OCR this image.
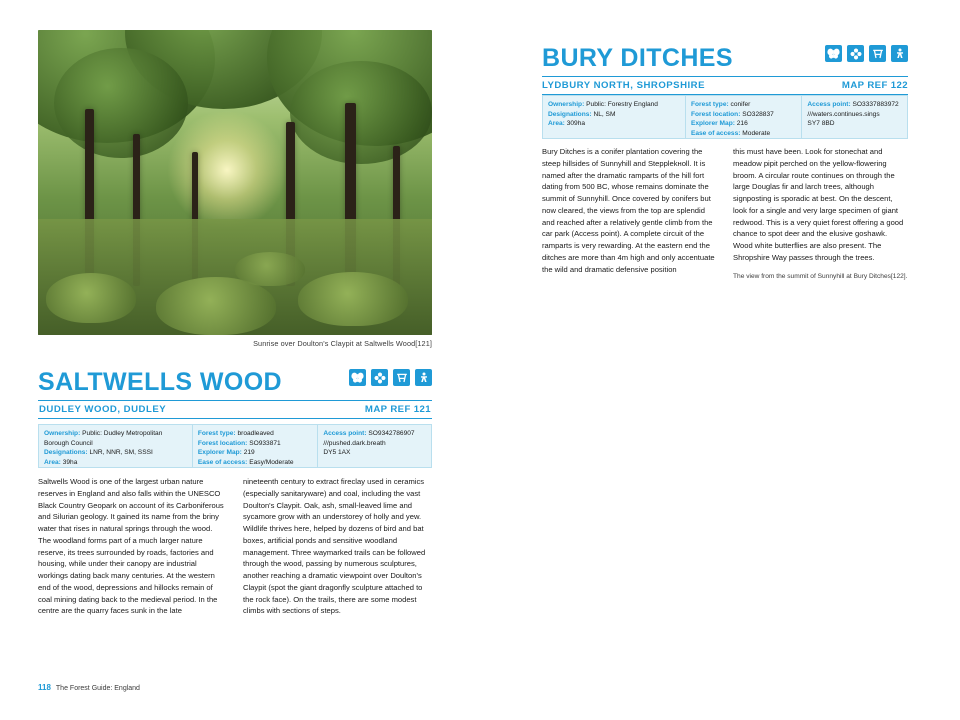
Sunrise over Doulton's Claypit at Saltwells Wood[121]
SALTWELLS WOOD
DUDLEY WOOD, DUDLEY	MAP REF 121
Ownership: Public: Dudley Metropolitan Borough Council
Designations: LNR, NNR, SM, SSSI
Area: 39ha
Forest type: broadleaved
Forest location: SO933871
Explorer Map: 219
Ease of access: Easy/Moderate
Access point: SO9342786907
///pushed.dark.breath
DY5 1AX
Saltwells Wood is one of the largest urban nature reserves in England and also falls within the UNESCO Black Country Geopark on account of its Carboniferous and Silurian geology. It gained its name from the briny water that rises in natural springs through the wood. The woodland forms part of a much larger nature reserve, its trees surrounded by roads, factories and housing, while under their canopy are industrial workings dating back many centuries. At the western end of the wood, depressions and hillocks remain of coal mining dating back to the medieval period. In the centre are the quarry faces sunk in the late
nineteenth century to extract fireclay used in ceramics (especially sanitaryware) and coal, including the vast Doulton's Claypit. Oak, ash, small-leaved lime and sycamore grow with an understorey of holly and yew. Wildlife thrives here, helped by dozens of bird and bat boxes, artificial ponds and sensitive woodland management. Three waymarked trails can be followed through the wood, passing by numerous sculptures, another reaching a dramatic viewpoint over Doulton's Claypit (spot the giant dragonfly sculpture attached to the rock face). On the trails, there are some modest climbs with sections of steps.
118 The Forest Guide: England
BURY DITCHES
LYDBURY NORTH, SHROPSHIRE	MAP REF 122
Ownership: Public: Forestry England
Designations: NL, SM
Area: 309ha
Forest type: conifer
Forest location: SO328837
Explorer Map: 216
Ease of access: Moderate
Access point: SO3337883972
///waters.continues.sings
SY7 8BD
Bury Ditches is a conifer plantation covering the steep hillsides of Sunnyhill and Stepplekноll. It is named after the dramatic ramparts of the hill fort dating from 500 BC, whose remains dominate the summit of Sunnyhill. Once covered by conifers but now cleared, the views from the top are splendid and reached after a relatively gentle climb from the car park (Access point). A complete circuit of the ramparts is very rewarding. At the eastern end the ditches are more than 4m high and only accentuate the wild and dramatic defensive position
this must have been. Look for stonechat and meadow pipit perched on the yellow-flowering broom. A circular route continues on through the large Douglas fir and larch trees, although signposting is sporadic at best. On the descent, look for a single and very large specimen of giant redwood. This is a very quiet forest offering a good chance to spot deer and the elusive goshawk. Wood white butterflies are also present. The Shropshire Way passes through the trees.
The view from the summit of Sunnyhill at Bury Ditches[122].
